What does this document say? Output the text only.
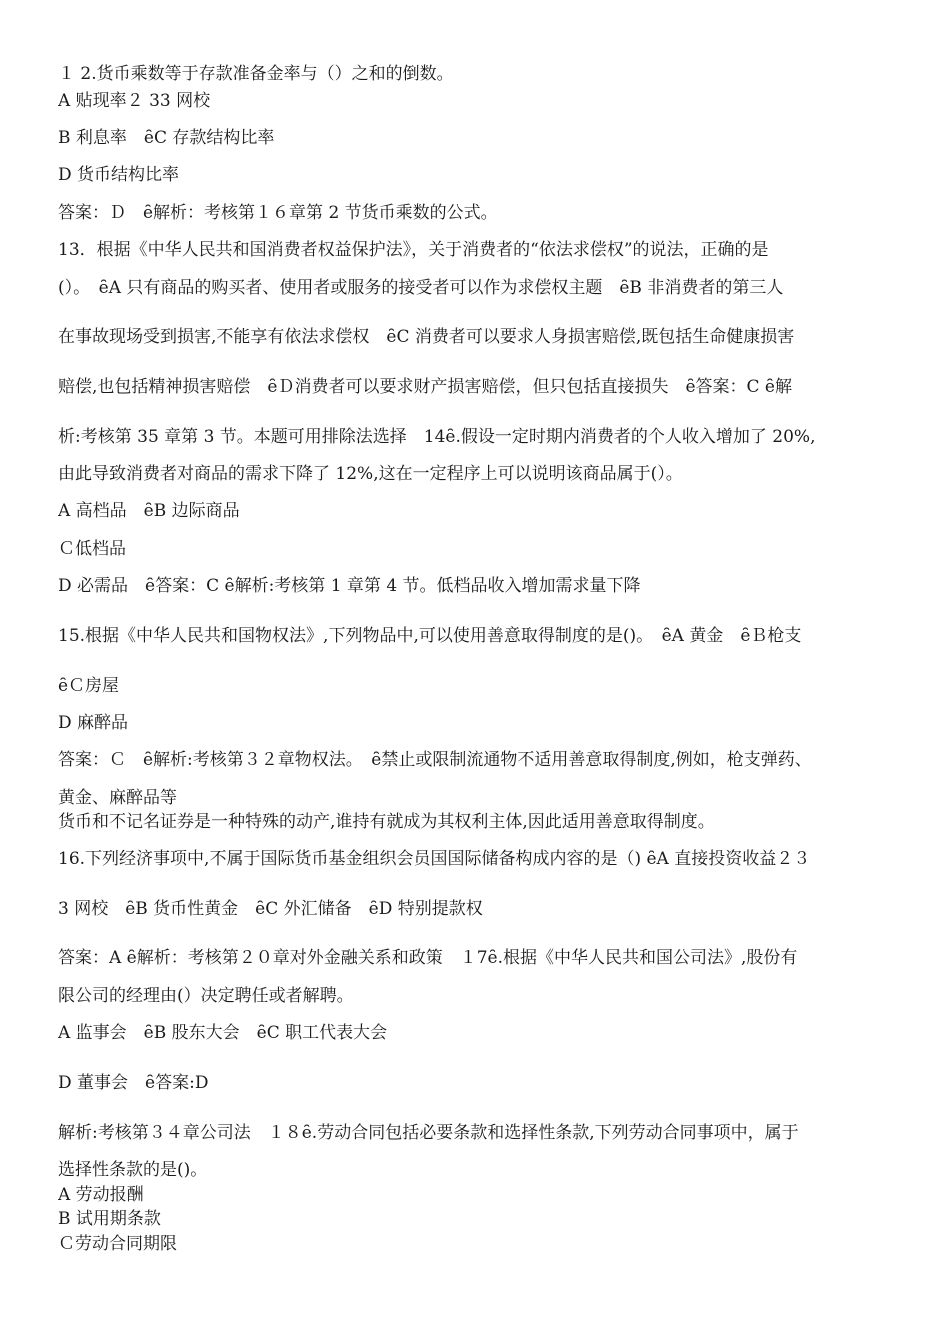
１ 2.货币乘数等于存款准备金率与（）之和的倒数。
A 贴现率２ 33 网校
B 利息率　ȇC 存款结构比率
D 货币结构比率
答案：Ｄ　ȇ解析：考核第１６章第 2 节货币乘数的公式。
13．根据《中华人民共和国消费者权益保护法》，关于消费者的“依法求偿权”的说法，正确的是
(）。　ȇA 只有商品的购买者、使用者或服务的接受者可以作为求偿权主题　ȇB 非消费者的第三人
在事故现场受到损害,不能享有依法求偿权　ȇC 消费者可以要求人身损害赔偿,既包括生命健康损害
赔偿,也包括精神损害赔偿　ȇＤ消费者可以要求财产损害赔偿，但只包括直接损失　ȇ答案：C ȇ解
析:考核第 35 章第 3 节。本题可用排除法选择　14ȇ.假设一定时期内消费者的个人收入增加了 20%,
由此导致消费者对商品的需求下降了 12%,这在一定程序上可以说明该商品属于(）。
A 高档品　ȇB 边际商品
Ｃ低档品
D 必需品　ȇ答案：C ȇ解析:考核第 1 章第 4 节。低档品收入增加需求量下降
15.根据《中华人民共和国物权法》,下列物品中,可以使用善意取得制度的是()。　ȇA 黄金　ȇＢ枪支
ȇＣ房屋
D 麻醉品
答案：Ｃ　ȇ解析:考核第３２章物权法。　ȇ禁止或限制流通物不适用善意取得制度,例如，枪支弹药、
黄金、麻醉品等
货币和不记名证券是一种特殊的动产,谁持有就成为其权利主体,因此适用善意取得制度。
16.下列经济事项中,不属于国际货币基金组织会员国国际储备构成内容的是（) ȇA 直接投资收益２３
3 网校　ȇB 货币性黄金　ȇC 外汇储备　ȇD 特别提款权
答案：A ȇ解析：考核第２０章对外金融关系和政策　１7ȇ.根据《中华人民共和国公司法》,股份有
限公司的经理由(）决定聘任或者解聘。
A 监事会　ȇB 股东大会　ȇC 职工代表大会
D 董事会　ȇ答案:D
解析:考核第３４章公司法　１８ȇ.劳动合同包括必要条款和选择性条款,下列劳动合同事项中，属于
选择性条款的是()。
A 劳动报酬
B 试用期条款
Ｃ劳动合同期限
